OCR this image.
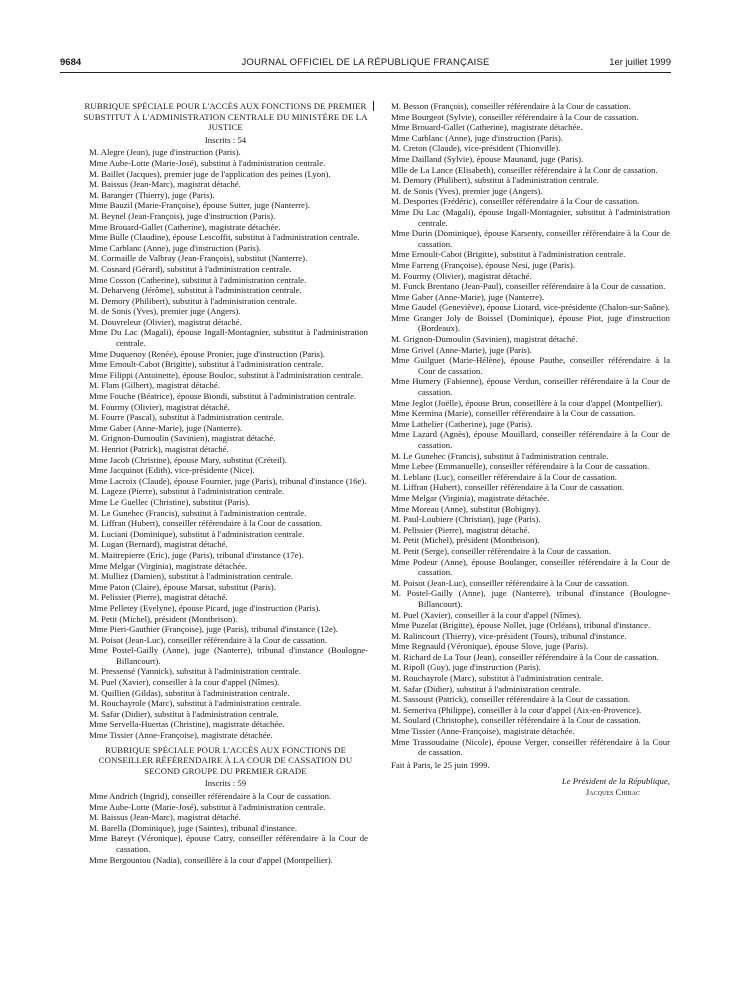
9684	JOURNAL OFFICIEL DE LA RÉPUBLIQUE FRANÇAISE	1er juillet 1999
RUBRIQUE SPÉCIALE POUR L'ACCÈS AUX FONCTIONS DE PREMIER SUBSTITUT À L'ADMINISTRATION CENTRALE DU MINISTÈRE DE LA JUSTICE
Inscrits : 54
M. Alegre (Jean), juge d'instruction (Paris).
Mme Aube-Lotte (Marie-José), substitut à l'administration centrale.
M. Baillet (Jacques), premier juge de l'application des peines (Lyon).
M. Baissus (Jean-Marc), magistrat détaché.
M. Baranger (Thierry), juge (Paris).
Mme Bauzil (Marie-Françoise), épouse Sutter, juge (Nanterre).
M. Beynel (Jean-François), juge d'instruction (Paris).
Mme Brouard-Gallet (Catherine), magistrate détachée.
Mme Bulle (Claudine), épouse Lescoffit, substitut à l'administration centrale.
Mme Carblanc (Anne), juge d'instruction (Paris).
M. Cormaille de Valbray (Jean-François), substitut (Nanterre).
M. Cosnard (Gérard), substitut à l'administration centrale.
Mme Cosson (Catherine), substitut à l'administration centrale.
M. Deharveng (Jérôme), substitut à l'administration centrale.
M. Demory (Philibert), substitut à l'administration centrale.
M. de Sonis (Yves), premier juge (Angers).
M. Douvreleur (Olivier), magistrat détaché.
Mme Du Lac (Magali), épouse Ingall-Montagnier, substitut à l'administration centrale.
Mme Duquenoy (Renée), épouse Pronier, juge d'instruction (Paris).
Mme Ernoult-Cabot (Brigitte), substitut à l'administration centrale.
Mme Filippi (Antoinette), épouse Bouloc, substitut à l'administration centrale.
M. Flam (Gilbert), magistrat détaché.
Mme Fouche (Béatrice), épouse Biondi, substitut à l'administration centrale.
M. Fourmy (Olivier), magistrat détaché.
M. Fourre (Pascal), substitut à l'administration centrale.
Mme Gaber (Anne-Marie), juge (Nanterre).
M. Grignon-Dumoulin (Savinien), magistrat détaché.
M. Henriot (Patrick), magistrat détaché.
Mme Jacob (Christine), épouse Mary, substitut (Créteil).
Mme Jacquinot (Edith), vice-présidente (Nice).
Mme Lacroix (Claude), épouse Fournier, juge (Paris), tribunal d'instance (16e).
M. Lageze (Pierre), substitut à l'administration centrale.
Mme Le Guellec (Christine), substitut (Paris).
M. Le Gunehec (Francis), substitut à l'administration centrale.
M. Liffran (Hubert), conseiller référendaire à la Cour de cassation.
M. Luciani (Dominique), substitut à l'administration centrale.
M. Lugan (Bernard), magistrat détaché.
M. Maitrepierre (Eric), juge (Paris), tribunal d'instance (17e).
Mme Melgar (Virginia), magistrate détachée.
M. Mulliez (Damien), substitut à l'administration centrale.
Mme Paton (Claire), épouse Marsat, substitut (Paris).
M. Pelissier (Pierre), magistrat détaché.
Mme Pelletey (Evelyne), épouse Picard, juge d'instruction (Paris).
M. Petit (Michel), président (Montbrison).
Mme Pieri-Gauthier (Françoise), juge (Paris), tribunal d'instance (12e).
M. Poisot (Jean-Luc), conseiller référendaire à la Cour de cassation.
Mme Postel-Gailly (Anne), juge (Nanterre), tribunal d'instance (Boulogne-Billancourt).
M. Pressensé (Yannick), substitut à l'administration centrale.
M. Puel (Xavier), conseiller à la cour d'appel (Nîmes).
M. Quillien (Gildas), substitut à l'administration centrale.
M. Rouchayrole (Marc), substitut à l'administration centrale.
M. Safar (Didier), substitut à l'administration centrale.
Mme Servella-Huertas (Christine), magistrate détachée.
Mme Tissier (Anne-Françoise), magistrate détachée.
RUBRIQUE SPÉCIALE POUR L'ACCÈS AUX FONCTIONS DE CONSEILLER RÉFÉRENDAIRE À LA COUR DE CASSATION DU SECOND GROUPE DU PREMIER GRADE
Inscrits : 59
Mme Andrich (Ingrid), conseiller référendaire à la Cour de cassation.
Mme Aube-Lotte (Marie-José), substitut à l'administration centrale.
M. Baissus (Jean-Marc), magistrat détaché.
M. Barella (Dominique), juge (Saintes), tribunal d'instance.
Mme Bareyt (Véronique), épouse Catry, conseiller référendaire à la Cour de cassation.
Mme Bergouniou (Nadia), conseillère à la cour d'appel (Montpellier).
M. Besson (François), conseiller référendaire à la Cour de cassation.
Mme Bourgeot (Sylvie), conseiller référendaire à la Cour de cassation.
Mme Brouard-Gallet (Catherine), magistrate détachée.
Mme Carblanc (Anne), juge d'instruction (Paris).
M. Creton (Claude), vice-président (Thionville).
Mme Dailland (Sylvie), épouse Maunand, juge (Paris).
Mlle de La Lance (Elisabeth), conseiller référendaire à la Cour de cassation.
M. Demory (Philibert), substitut à l'administration centrale.
M. de Sonis (Yves), premier juge (Angers).
M. Desportes (Frédéric), conseiller référendaire à la Cour de cassation.
Mme Du Lac (Magali), épouse Ingall-Montagnier, substitut à l'administration centrale.
Mme Durin (Dominique), épouse Karsenty, conseiller référendaire à la Cour de cassation.
Mme Ernoult-Cabot (Brigitte), substitut à l'administration centrale.
Mme Farreng (Françoise), épouse Nesi, juge (Paris).
M. Fourmy (Olivier), magistrat détaché.
M. Funck Brentano (Jean-Paul), conseiller référendaire à la Cour de cassation.
Mme Gaber (Anne-Marie), juge (Nanterre).
Mme Gaudel (Geneviève), épouse Liotard, vice-présidente (Chalon-sur-Saône).
Mme Granger Joly de Boissel (Dominique), épouse Piot, juge d'instruction (Bordeaux).
M. Grignon-Dumoulin (Savinien), magistrat détaché.
Mme Grivel (Anne-Marie), juge (Paris).
Mme Guilguet (Marie-Hélène), épouse Pauthe, conseiller référendaire à la Cour de cassation.
Mme Humery (Fabienne), épouse Verdun, conseiller référendaire à la Cour de cassation.
Mme Jeglot (Joëlle), épouse Brun, conseillère à la cour d'appel (Montpellier).
Mme Kermina (Marie), conseiller référendaire à la Cour de cassation.
Mme Lathelier (Catherine), juge (Paris).
Mme Lazard (Agnès), épouse Mouillard, conseiller référendaire à la Cour de cassation.
M. Le Gunehec (Francis), substitut à l'administration centrale.
Mme Lebee (Emmanuelle), conseiller référendaire à la Cour de cassation.
M. Leblanc (Luc), conseiller référendaire à la Cour de cassation.
M. Liffran (Hubert), conseiller référendaire à la Cour de cassation.
Mme Melgar (Virginia), magistrate détachée.
Mme Moreau (Anne), substitut (Bobigny).
M. Paul-Loubiere (Christian), juge (Paris).
M. Pelissier (Pierre), magistrat détaché.
M. Petit (Michel), président (Montbrison).
M. Petit (Serge), conseiller référendaire à la Cour de cassation.
Mme Podeur (Anne), épouse Boulanger, conseiller référendaire à la Cour de cassation.
M. Poisot (Jean-Luc), conseiller référendaire à la Cour de cassation.
M. Postel-Gailly (Anne), juge (Nanterre), tribunal d'instance (Boulogne-Billancourt).
M. Puel (Xavier), conseiller à la cour d'appel (Nîmes).
Mme Puzelat (Brigitte), épouse Nollet, juge (Orléans), tribunal d'instance.
M. Ralincourt (Thierry), vice-président (Tours), tribunal d'instance.
Mme Regnauld (Véronique), épouse Slove, juge (Paris).
M. Richard de La Tour (Jean), conseiller référendaire à la Cour de cassation.
M. Ripoll (Guy), juge d'instruction (Paris).
M. Rouchayrole (Marc), substitut à l'administration centrale.
M. Safar (Didier), substitut à l'administration centrale.
M. Sassoust (Patrick), conseiller référendaire à la Cour de cassation.
M. Semeriva (Philippe), conseiller à la cour d'appel (Aix-en-Provence).
M. Soulard (Christophe), conseiller référendaire à la Cour de cassation.
Mme Tissier (Anne-Françoise), magistrate détachée.
Mme Trassoudaine (Nicole), épouse Verger, conseiller référendaire à la Cour de cassation.
Fait à Paris, le 25 juin 1999.
Le Président de la République,
Jacques Chirac
